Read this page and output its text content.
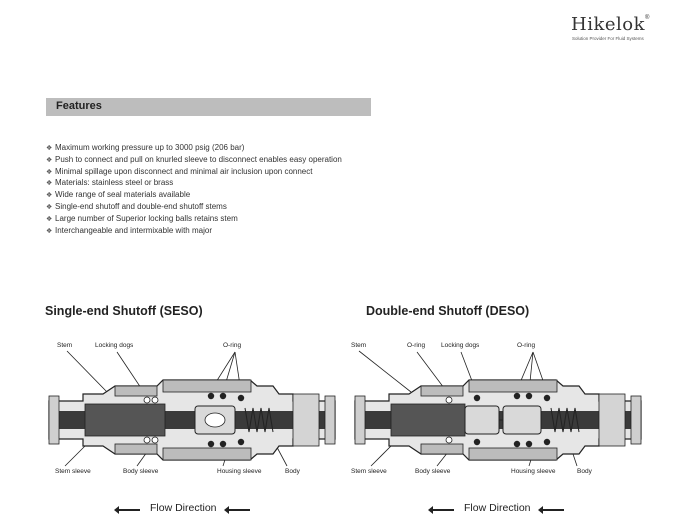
Hikelok ®
Solution Provider For Fluid Systems
Features
❖ Maximum working pressure up to 3000 psig (206 bar)
❖ Push to connect and pull on knurled sleeve to disconnect enables easy operation
❖ Minimal spillage upon disconnect and minimal air inclusion upon connect
❖ Materials: stainless steel or brass
❖ Wide range of seal materials available
❖ Single-end shutoff and double-end shutoff stems
❖ Large number of Superior locking balls retains stem
❖ Interchangeable and intermixable with major
Single-end Shutoff (SESO)	Double-end Shutoff (DESO)
Stem	Locking dogs	O-ring
Stem sleeve	Body sleeve	Housing sleeve	Body
Stem	O-ring Locking dogs	O-ring
Stem sleeve	Body sleeve	Housing sleeve	Body
Flow Direction	Flow Direction
